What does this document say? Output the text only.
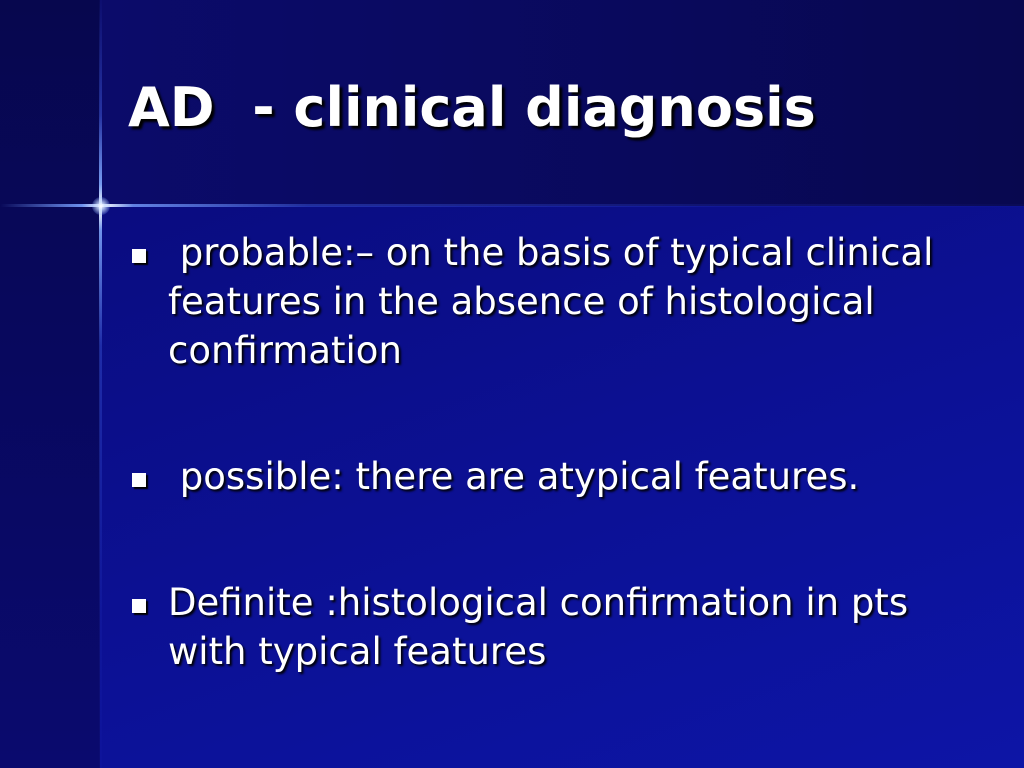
AD  - clinical diagnosis
probable:– on the basis of typical clinical features in the absence of histological confirmation
possible: there are atypical features.
Definite :histological confirmation in pts with typical features
